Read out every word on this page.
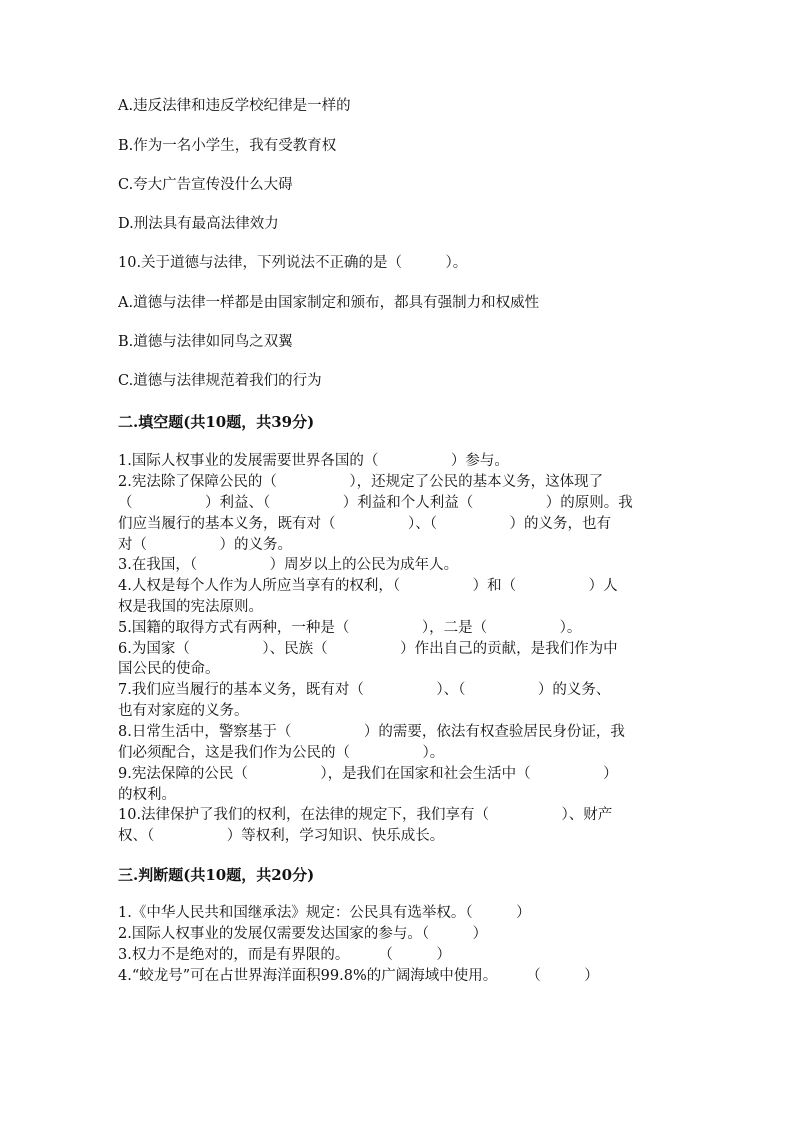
A.违反法律和违反学校纪律是一样的
B.作为一名小学生，我有受教育权
C.夸大广告宣传没什么大碍
D.刑法具有最高法律效力
10.关于道德与法律，下列说法不正确的是（　　　）。
A.道德与法律一样都是由国家制定和颁布，都具有强制力和权威性
B.道德与法律如同鸟之双翼
C.道德与法律规范着我们的行为
二.填空题(共10题，共39分)
1.国际人权事业的发展需要世界各国的（　　　　　）参与。
2.宪法除了保障公民的（　　　　　），还规定了公民的基本义务，这体现了
（　　　　　）利益、（　　　　　）利益和个人利益（　　　　　）的原则。我
们应当履行的基本义务，既有对（　　　　　）、（　　　　　）的义务，也有
对（　　　　　）的义务。
3.在我国，（　　　　　）周岁以上的公民为成年人。
4.人权是每个人作为人所应当享有的权利，（　　　　　）和（　　　　　）人
权是我国的宪法原则。
5.国籍的取得方式有两种，一种是（　　　　　），二是（　　　　　）。
6.为国家（　　　　　）、民族（　　　　　）作出自己的贡献，是我们作为中
国公民的使命。
7.我们应当履行的基本义务，既有对（　　　　　）、（　　　　　）的义务、
也有对家庭的义务。
8.日常生活中，警察基于（　　　　　）的需要，依法有权查验居民身份证，我
们必须配合，这是我们作为公民的（　　　　　）。
9.宪法保障的公民（　　　　　），是我们在国家和社会生活中（　　　　　）
的权利。
10.法律保护了我们的权利，在法律的规定下，我们享有（　　　　　）、财产
权、（　　　　　）等权利，学习知识、快乐成长。
三.判断题(共10题，共20分)
1.《中华人民共和国继承法》规定：公民具有选举权。（　　　）
2.国际人权事业的发展仅需要发达国家的参与。（　　　）
3.权力不是绝对的，而是有界限的。　　　（　　　）
4.“蛟龙号”可在占世界海洋面积99.8%的广阔海域中使用。　　　（　　　）
